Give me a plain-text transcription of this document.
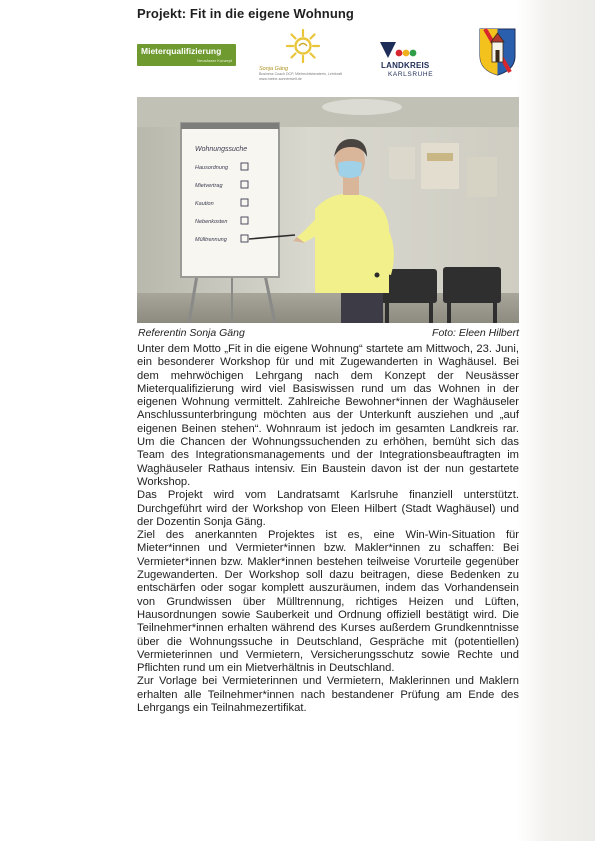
Projekt: Fit in die eigene Wohnung
Mieterqualifizierung
Neusässer Konzept
Sonja Gäng
Business Coach DCP, Mietrechtsberaterin, Lehrkraft
www.meine-sonnenwelt.de
LANDKREIS
KARLSRUHE
Wohnungssuche
Hausordnung
Mietvertrag
Kaution
Nebenkosten
Mülltrennung
Referentin Sonja Gäng	Foto: Eleen Hilbert

Unter dem Motto „Fit in die eigene Wohnung“ startete am Mittwoch, 23. Juni, ein besonderer Workshop für und mit Zugewanderten in Waghäusel. Bei dem mehrwöchigen Lehrgang nach dem Konzept der Neusässer Mieterqualifizierung wird viel Basiswissen rund um das Wohnen in der eigenen Wohnung vermittelt. Zahlreiche Bewohner*innen der Waghäuseler Anschlussunterbringung möchten aus der Unterkunft ausziehen und „auf eigenen Beinen stehen“. Wohnraum ist jedoch im gesamten Landkreis rar. Um die Chancen der Wohnungssuchenden zu erhöhen, bemüht sich das Team des Integrationsmanagements und der Integrationsbeauftragten im Waghäuseler Rathaus intensiv. Ein Baustein davon ist der nun gestartete Workshop.

Das Projekt wird vom Landratsamt Karlsruhe finanziell unterstützt. Durchgeführt wird der Workshop von Eleen Hilbert (Stadt Waghäusel) und der Dozentin Sonja Gäng.

Ziel des anerkannten Projektes ist es, eine Win-Win-Situation für Mieter*innen und Vermieter*innen bzw. Makler*innen zu schaffen: Bei Vermieter*innen bzw. Makler*innen bestehen teilweise Vorurteile gegenüber Zugewanderten. Der Workshop soll dazu beitragen, diese Bedenken zu entschärfen oder sogar komplett auszuräumen, indem das Vorhandensein von Grundwissen über Mülltrennung, richtiges Heizen und Lüften, Hausordnungen sowie Sauberkeit und Ordnung offiziell bestätigt wird. Die Teilnehmer*innen erhalten während des Kurses außerdem Grundkenntnisse über die Wohnungssuche in Deutschland, Gespräche mit (potentiellen) Vermieterinnen und Vermietern, Versicherungsschutz sowie Rechte und Pflichten rund um ein Mietverhältnis in Deutschland.

Zur Vorlage bei Vermieterinnen und Vermietern, Maklerinnen und Maklern erhalten alle Teilnehmer*innen nach bestandener Prüfung am Ende des Lehrgangs ein Teilnahmezertifikat.
